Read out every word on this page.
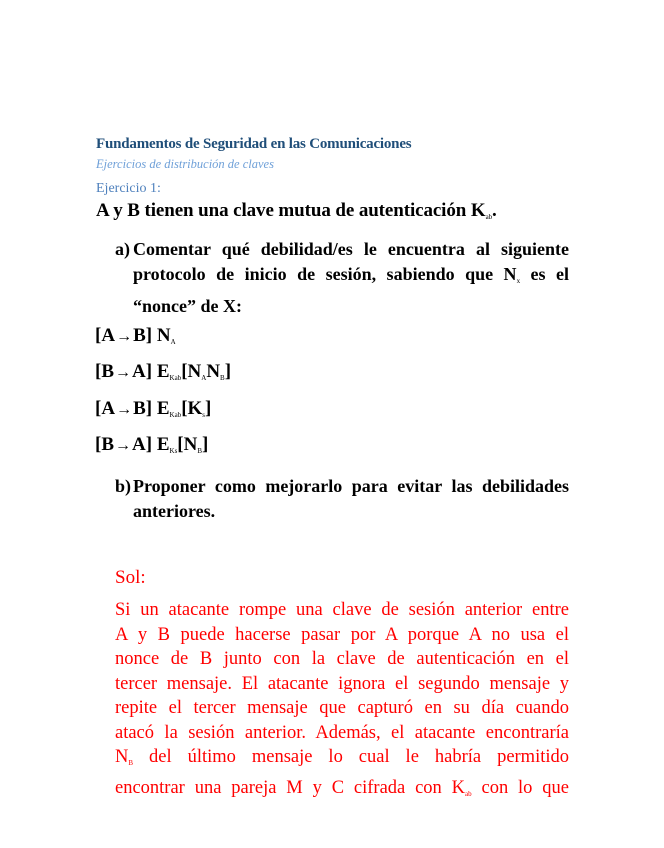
Fundamentos de Seguridad en las Comunicaciones
Ejercicios de distribución de claves
Ejercicio 1:
A y B tienen una clave mutua de autenticación $K_{ab}$.
a) Comentar qué debilidad/es le encuentra al siguiente protocolo de inicio de sesión, sabiendo que $N_x$ es el “nonce” de X:
[A→B] $N_A$
[B→A] $E_{Kab}[N_AN_B]$
[A→B] $E_{Kab}[K_s]$
[B→A] $E_{Ks}[N_B]$
b) Proponer como mejorarlo para evitar las debilidades anteriores.
Sol:
Si un atacante rompe una clave de sesión anterior entre
A y B puede hacerse pasar por A porque A no usa el
nonce de B junto con la clave de autenticación en el
tercer mensaje. El atacante ignora el segundo mensaje y
repite el tercer mensaje que capturó en su día cuando
atacó la sesión anterior. Además, el atacante encontraría
$N_B$ del último mensaje lo cual le habría permitido
encontrar una pareja M y C cifrada con $K_{ab}$ con lo que
